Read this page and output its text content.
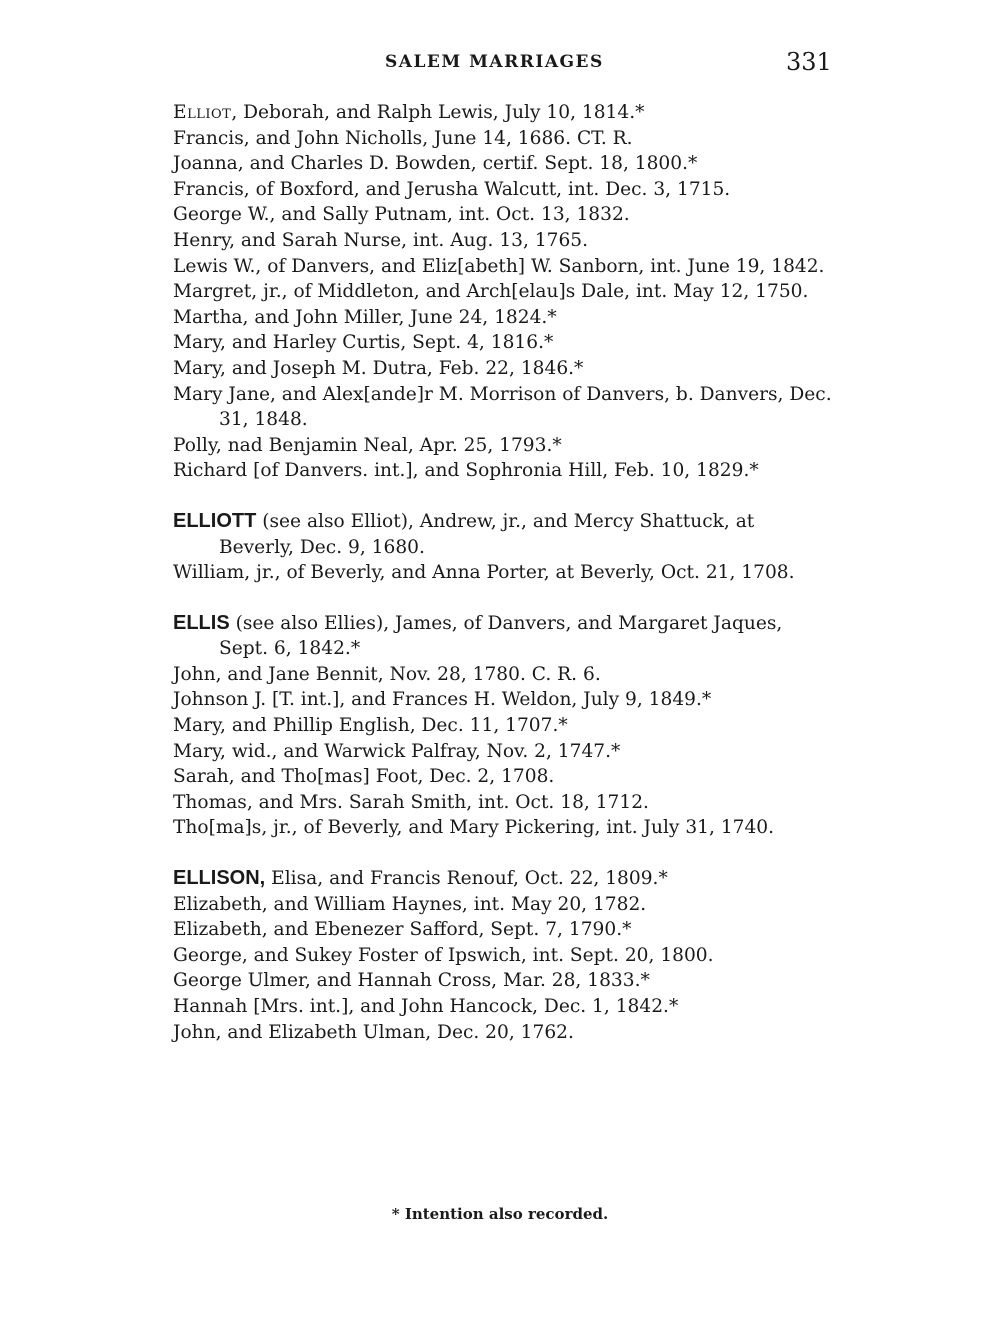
SALEM MARRIAGES	331

Elliot, Deborah, and Ralph Lewis, July 10, 1814.*

Francis, and John Nicholls, June 14, 1686. CT. R.

Joanna, and Charles D. Bowden, certif. Sept. 18, 1800.*

Francis, of Boxford, and Jerusha Walcutt, int. Dec. 3, 1715.

George W., and Sally Putnam, int. Oct. 13, 1832.

Henry, and Sarah Nurse, int. Aug. 13, 1765.

Lewis W., of Danvers, and Eliz[abeth] W. Sanborn, int. June 19, 1842.

Margret, jr., of Middleton, and Arch[elau]s Dale, int. May 12, 1750.

Martha, and John Miller, June 24, 1824.*

Mary, and Harley Curtis, Sept. 4, 1816.*

Mary, and Joseph M. Dutra, Feb. 22, 1846.*

Mary Jane, and Alex[ande]r M. Morrison of Danvers, b. Danvers, Dec. 31, 1848.

Polly, nad Benjamin Neal, Apr. 25, 1793.*

Richard [of Danvers. int.], and Sophronia Hill, Feb. 10, 1829.*

ELLIOTT (see also Elliot), Andrew, jr., and Mercy Shattuck, at Beverly, Dec. 9, 1680.

William, jr., of Beverly, and Anna Porter, at Beverly, Oct. 21, 1708.

ELLIS (see also Ellies), James, of Danvers, and Margaret Jaques, Sept. 6, 1842.*

John, and Jane Bennit, Nov. 28, 1780. C. R. 6.

Johnson J. [T. int.], and Frances H. Weldon, July 9, 1849.*

Mary, and Phillip English, Dec. 11, 1707.*

Mary, wid., and Warwick Palfray, Nov. 2, 1747.*

Sarah, and Tho[mas] Foot, Dec. 2, 1708.

Thomas, and Mrs. Sarah Smith, int. Oct. 18, 1712.

Tho[ma]s, jr., of Beverly, and Mary Pickering, int. July 31, 1740.

ELLISON, Elisa, and Francis Renouf, Oct. 22, 1809.*

Elizabeth, and William Haynes, int. May 20, 1782.

Elizabeth, and Ebenezer Safford, Sept. 7, 1790.*

George, and Sukey Foster of Ipswich, int. Sept. 20, 1800.

George Ulmer, and Hannah Cross, Mar. 28, 1833.*

Hannah [Mrs. int.], and John Hancock, Dec. 1, 1842.*

John, and Elizabeth Ulman, Dec. 20, 1762.

* Intention also recorded.
